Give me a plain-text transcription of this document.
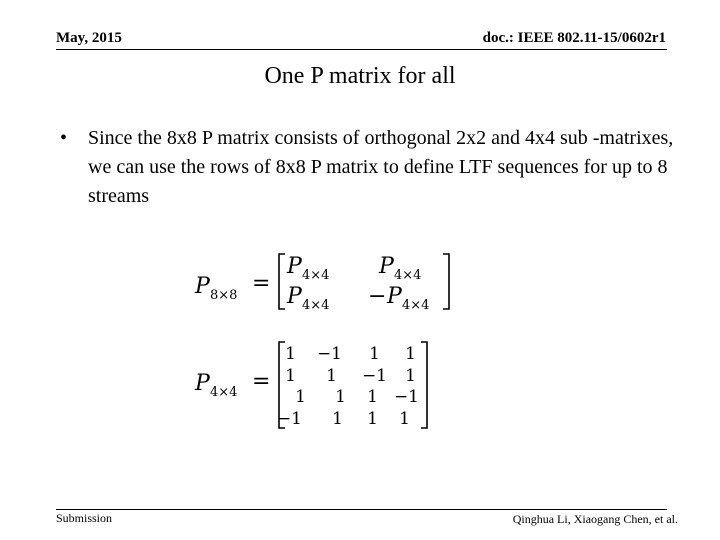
May, 2015	doc.: IEEE 802.11-15/0602r1
One P matrix for all
•	Since the 8x8 P matrix consists of orthogonal 2x2 and 4x4 sub -matrixes, we can use the rows of 8x8 P matrix to define LTF sequences for up to 8 streams
P 8×8 =
P 4×4 P 4×4
P 4×4 − P 4×4
P 4×4 =
1 −1 1 1
1 1 −1 1
1 1 1 −1
−1 1 1 1
Submission	Qinghua Li, Xiaogang Chen, et al.
